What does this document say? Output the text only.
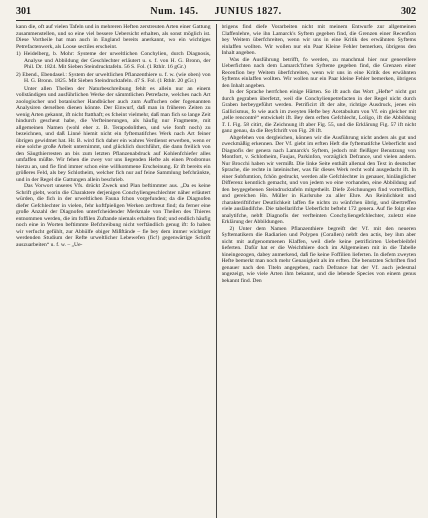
301	Num. 145. JUNIUS 1827.	302

kann die, oft auf vielen Tafeln und in mehreren Heften zerstreuten Arten einer Gattung zusammenstellen, und so eine viel bessere Uebersicht erhalten, als sonst möglich ist. Diese Vortheile hat man auch in England bereits anerkannt, wo ein wichtiges Petrefactenwerk, als Loose sectiles erscheint.

1) Heidelberg, b. Mohr: Systeme der urweltlichen Conchylien, durch Diagnosis, Analyse und Abbildung der Geschlechter erläutert u. s. f. von H. G. Bronn, der Phil. Dr. 1824. Mit Sieben Steindrucktafeln. 56 S. Fol. (1 Rthlr. 16 gGr.)

2) Ebend., Ebendasel.: System der urweltlichen Pflanzenthiere u. f. w. (wie oben) von H. G. Bronn. 1825. Mit Sieben Steindrucktafeln. 47 S. Fol. (1 Rthlr. 20 gGr.)

Unter allen Theilen der Naturbeschreibung fehlt es allein nur an einem vollständigen und ausführlichen Werke der sämmtlichen Petrefacte, welches nach Art zoologischer und botanischer Handbücher auch zum Auffuchen oder fogenannten Analysiren derselben dienen könnte. Der Einwurf, daß man in früheren Zeiten zu wenig Arten gekannt, ift nicht ftatthaft; es fcheint vielmehr, daß man fich so lange Zeit hindurch gescheut habe, die Verfteinerungen, als häufig nur Fragmente, mit allgemeinen Namen (wohl eher z. B. Terapodolithen, und wie fonft noch) zu bezeichnen, und daß Linné hiemit nicht ein fyftematifches Werk nach Art feiner übrigen gewidmet hat. Hr. B. wird fich daher ein wahres Verdienst erwerben, wenn er eine solche große Arbeit unternimmt, und glücklich durchführt, die dann freilich von den Säugthierresten an bis zum letzten Pflanzenabdruck auf Kohlenfchiefer alles umfaffen müßte. Wir fehen die zwey vor uns liegenden Hefte als einen Prodromus hierzu an, und fie find immer schon eine willkommene Erscheinung. Er ift bereits ein größeres Feld, als bey Schlotheim, welcher fich nur auf feine Sammlung befchränkte, und in der Regel die Gattungen allein beschrieb.

Das Vorwort unseres Vfs. drückt Zweck und Plan beftimmter aus. „Da es keine Schrift giebt, worin die Charaktere derjenigen Conchyliengeschlechter näher erläutert würden, die fich in der urweltlichen Fauna fchon vorgefunden; da die Diagnofen diefer Gefchlechter in vielen, fehr koftfpieligen Werken zerftreut find; da ferner eine große Anzahl der Diagnofen unterfcheidender Merkmale von Theilen des Thieres entnommen werden, die im foffilen Zuftande niemals erhalten find; und endlich häufig noch eine in Worten beftimmte Befchreibung nicht verftändlich genug ift: fo haben wir verfucht gefühlt, zur Abhülfe obiger Mißftände – fie bey dem immer wichtiger werdenden Studium der Refte urweltlicher Lebewefen (fic!) gegenwärtige Schrift auszuarbeiten“ u. f. w. – „Ue-

brigens find diefe Vorarbeiten nicht mit meinem Entwurfe zur allgemeinen Claffenlehre, wie ihn Lamarck's Syftem gegeben find, die Grenzen einer Recenfion bey Weitem überfchreiten, wenn wir uns in eine Kritik des erwähnten Syftems einlaffen wollten. Wir wollen nur ein Paar Kleine Fehler bemerken, übrigens den Inhalt angeben.

Was die Ausführung betrifft, fo werden, zu manchmal hier nur generellere Ueberfichten nach dem Lamarck'fchen Syfteme gegeben find, die Grenzen einer Recenfion bey Weitem überfchreiten, wenn wir uns in eine Kritik des erwähnten Syftems einlaffen wollten. Wir wollen nur ein Paar kleine Fehler bemerken, übrigens den Inhalt angeben.

In der Sprache herrfchen einige Härten. So ift auch das Wort „Hefte“ nicht gut durch gegraben überfetzt, weil die Conchylienpetrefacten in der Regel nicht durch Graben herbeygeführt werden. Petrificirt ift der alte, richtige Ausdruck, jenes ein Gallicismus, fo wie auch im zweyten Hefte bey Acetabulum von Vf. ein gleicher mit „telle rencontré“ entwickelt ift. Bey dem erften Gefchlecht, Loligo, ift die Abbildung T. I. Fig. 58 citirt, die Zeichnung ift aber Fig. 55, und die Erklärung Fig. 57 ift nicht ganz genau, da die Beyfchrift von Fig. 28 ift.

Abgefehen von dergleichen, können wir die Ausführung nicht anders als gut und zweckmäßig erkennen. Der Vf. giebt im erften Heft die fyftematifche Ueberficht und Diagnofis der genera nach Lamarck's Syftem, jedoch mit fleißiger Benutzung von Montfort, v. Schlotheim, Faujas, Parkinfon, vorzüglich Defrance, und vielen andern. Nur Brocchi haben wir vermißt. Die linke Seite enthält allemal den Text in deutscher Sprache, die rechte in lateinischer, was für dieses Werk recht wohl ausgedacht ift. In einer Subfumtion, fchön gedruckt, werden alle Gefchlechter in genauer, hinlänglicher Differenz kenntlich gemacht, und von jedem wo eine vorhanden, eine Abbildung auf den beygegebenen Steindrucktafeln mitgetheilt. Diefe Zeichnungen find vortrefflich, und gereichen Hn. Müller in Karlsruhe zu aller Ehre. An Reinlichkeit und charakteriftifcher Deutlichkeit laffen fie nichts zu wünfchen übrig, und übertreffen viele ausländifche. Die tabellarifche Ueberficht befteht 172 genera. Auf fie folgt eine analytifche, nebft Diagnofis der verfteinten Conchyliengefchlechter, zuletzt eine Erklärung der Abbildungen.

2) Unter dem Namen Pflanzenthiere begreift der Vf. mit den neueren Syftematikern die Radiarien und Polypen (Corallen) nebft den actis, bey ihm aber nicht mit aufgenommenen Klaffen, weil diefe keine petrificirten Ueberbleibfel lieferten. Dafür hat er die Weichthiere doch im Allgemeinen mit in die Tabelle hineingezogen, dabey anmerkend, daß fie keine Foffilien lieferten. In diefem zweyten Hefte bemerkt man noch mehr Genauigkeit als im erften. Die benutzten Schriften find genauer nach den Titeln angegeben, nach Defrance hat der Vf. auch jedesmal angezeigt, wie viele Arten ihm bekannt, und die lebende Species von einem genus bekannt find. Den
